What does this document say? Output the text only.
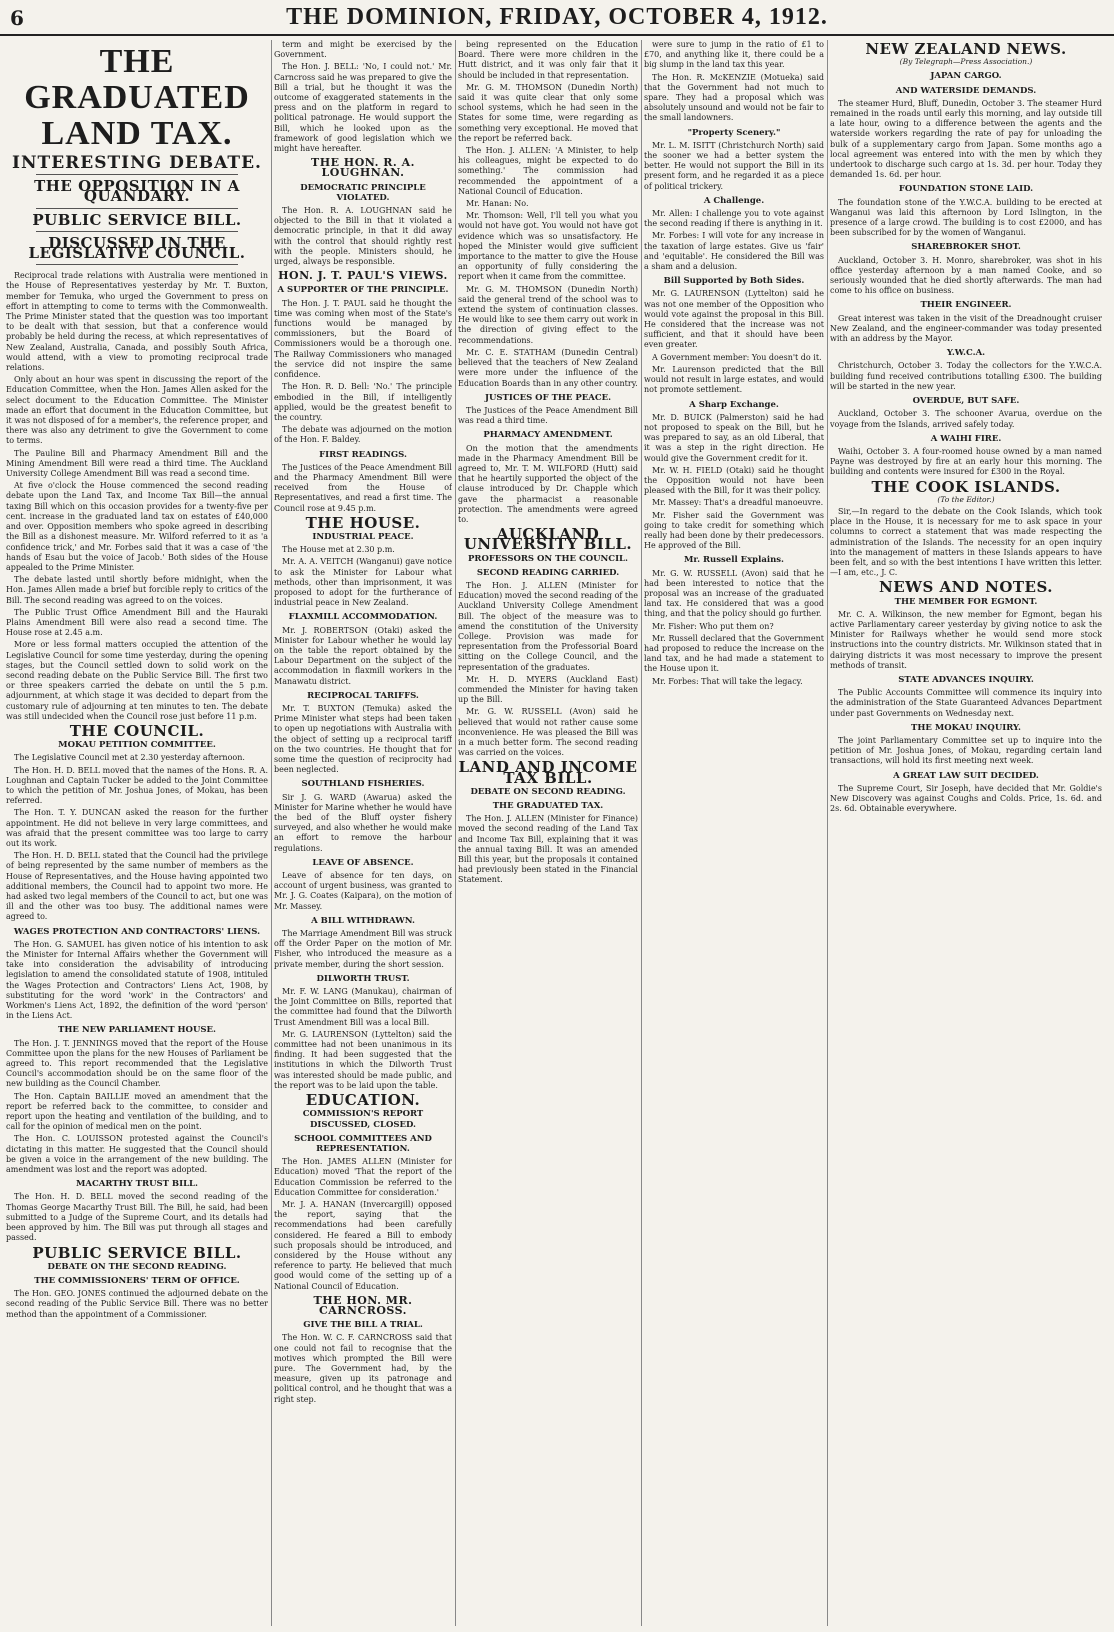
6	THE DOMINION, FRIDAY, OCTOBER 4, 1912.
THE GRADUATED LAND TAX.
INTERESTING DEBATE.
THE OPPOSITION IN A QUANDARY.
PUBLIC SERVICE BILL.
DISCUSSED IN THE LEGISLATIVE COUNCIL.

Reciprocal trade relations with Australia were mentioned in the House of Representatives yesterday by Mr. T. Buxton, member for Temuka, who urged the Government to press on effort in attempting to come to terms with the Commonwealth. The Prime Minister stated that the question was too important to be dealt with that session, but that a conference would probably be held during the recess, at which representatives of New Zealand, Australia, Canada, and possibly South Africa, would attend, with a view to promoting reciprocal trade relations.

Only about an hour was spent in discussing the report of the Education Committee, when the Hon. James Allen asked for the select document to the Education Committee. The Minister made an effort that document in the Education Committee, but it was not disposed of for a member's, the reference proper, and there was also any detriment to give the Government to come to terms.

The Pauline Bill and Pharmacy Amendment Bill and the Mining Amendment Bill were read a third time. The Auckland University College Amendment Bill was read a second time.

At five o'clock the House commenced the second reading debate upon the Land Tax, and Income Tax Bill—the annual taxing Bill which on this occasion provides for a twenty-five per cent. increase in the graduated land tax on estates of £40,000 and over. Opposition members who spoke agreed in describing the Bill as a dishonest measure. Mr. Wilford referred to it as 'a confidence trick,' and Mr. Forbes said that it was a case of 'the hands of Esau but the voice of Jacob.' Both sides of the House appealed to the Prime Minister.

The debate lasted until shortly before midnight, when the Hon. James Allen made a brief but forcible reply to critics of the Bill. The second reading was agreed to on the voices.

The Public Trust Office Amendment Bill and the Hauraki Plains Amendment Bill were also read a second time. The House rose at 2.45 a.m.

More or less formal matters occupied the attention of the Legislative Council for some time yesterday, during the opening stages, but the Council settled down to solid work on the second reading debate on the Public Service Bill. The first two or three speakers carried the debate on until the 5 p.m. adjournment, at which stage it was decided to depart from the customary rule of adjourning at ten minutes to ten. The debate was still undecided when the Council rose just before 11 p.m.

THE COUNCIL.
MOKAU PETITION COMMITTEE.

The Legislative Council met at 2.30 yesterday afternoon.

The Hon. H. D. BELL moved that the names of the Hons. R. A. Loughnan and Captain Tucker be added to the Joint Committee to which the petition of Mr. Joshua Jones, of Mokau, has been referred.

The Hon. T. Y. DUNCAN asked the reason for the further appointment. He did not believe in very large committees, and was afraid that the present committee was too large to carry out its work.

The Hon. H. D. BELL stated that the Council had the privilege of being represented by the same number of members as the House of Representatives, and the House having appointed two additional members, the Council had to appoint two more. He had asked two legal members of the Council to act, but one was ill and the other was too busy. The additional names were agreed to.

WAGES PROTECTION AND CONTRACTORS' LIENS.

The Hon. G. SAMUEL has given notice of his intention to ask the Minister for Internal Affairs whether the Government will take into consideration the advisability of introducing legislation to amend the consolidated statute of 1908, intituled the Wages Protection and Contractors' Liens Act, 1908, by substituting for the word 'work' in the Contractors' and Workmen's Liens Act, 1892, the definition of the word 'person' in the Liens Act.

THE NEW PARLIAMENT HOUSE.

The Hon. J. T. JENNINGS moved that the report of the House Committee upon the plans for the new Houses of Parliament be agreed to. This report recommended that the Legislative Council's accommodation should be on the same floor of the new building as the Council Chamber.

The Hon. Captain BAILLIE moved an amendment that the report be referred back to the committee, to consider and report upon the heating and ventilation of the building, and to call for the opinion of medical men on the point.

The Hon. C. LOUISSON protested against the Council's dictating in this matter. He suggested that the Council should be given a voice in the arrangement of the new building. The amendment was lost and the report was adopted.

MACARTHY TRUST BILL.

The Hon. H. D. BELL moved the second reading of the Thomas George Macarthy Trust Bill. The Bill, he said, had been submitted to a Judge of the Supreme Court, and its details had been approved by him. The Bill was put through all stages and passed.

PUBLIC SERVICE BILL.
DEBATE ON THE SECOND READING.
THE COMMISSIONERS' TERM OF OFFICE.

The Hon. GEO. JONES continued the adjourned debate on the second reading of the Public Service Bill. There was no better method than the appointment of a Commissioner.

term and might be exercised by the Government.

The Hon. J. BELL: 'No, I could not.' Mr. Carncross said he was prepared to give the Bill a trial, but he thought it was the outcome of exaggerated statements in the press and on the platform in regard to political patronage. He would support the Bill, which he looked upon as the framework of good legislation which we might have hereafter.

THE HON. R. A. LOUGHNAN.
DEMOCRATIC PRINCIPLE VIOLATED.

The Hon. R. A. LOUGHNAN said he objected to the Bill in that it violated a democratic principle, in that it did away with the control that should rightly rest with the people. Ministers should, he urged, always be responsible.

HON. J. T. PAUL'S VIEWS.
A SUPPORTER OF THE PRINCIPLE.

The Hon. J. T. PAUL said he thought the time was coming when most of the State's functions would be managed by commissioners, but the Board of Commissioners would be a thorough one. The Railway Commissioners who managed the service did not inspire the same confidence.

The Hon. R. D. Bell: 'No.' The principle embodied in the Bill, if intelligently applied, would be the greatest benefit to the country.

The debate was adjourned on the motion of the Hon. F. Baldey.

FIRST READINGS.

The Justices of the Peace Amendment Bill and the Pharmacy Amendment Bill were received from the House of Representatives, and read a first time. The Council rose at 9.45 p.m.

THE HOUSE.
INDUSTRIAL PEACE.

The House met at 2.30 p.m.

Mr. A. A. VEITCH (Wanganui) gave notice to ask the Minister for Labour what methods, other than imprisonment, it was proposed to adopt for the furtherance of industrial peace in New Zealand.

FLAXMILL ACCOMMODATION.

Mr. J. ROBERTSON (Otaki) asked the Minister for Labour whether he would lay on the table the report obtained by the Labour Department on the subject of the accommodation in flaxmill workers in the Manawatu district.

RECIPROCAL TARIFFS.

Mr. T. BUXTON (Temuka) asked the Prime Minister what steps had been taken to open up negotiations with Australia with the object of setting up a reciprocal tariff on the two countries. He thought that for some time the question of reciprocity had been neglected.

SOUTHLAND FISHERIES.

Sir J. G. WARD (Awarua) asked the Minister for Marine whether he would have the bed of the Bluff oyster fishery surveyed, and also whether he would make an effort to remove the harbour regulations.

LEAVE OF ABSENCE.

Leave of absence for ten days, on account of urgent business, was granted to Mr. J. G. Coates (Kaipara), on the motion of Mr. Massey.

A BILL WITHDRAWN.

The Marriage Amendment Bill was struck off the Order Paper on the motion of Mr. Fisher, who introduced the measure as a private member, during the short session.

DILWORTH TRUST.

Mr. F. W. LANG (Manukau), chairman of the Joint Committee on Bills, reported that the committee had found that the Dilworth Trust Amendment Bill was a local Bill.

Mr. G. LAURENSON (Lyttelton) said the committee had not been unanimous in its finding. It had been suggested that the institutions in which the Dilworth Trust was interested should be made public, and the report was to be laid upon the table.

EDUCATION.
COMMISSION'S REPORT DISCUSSED, CLOSED.
SCHOOL COMMITTEES AND REPRESENTATION.

The Hon. JAMES ALLEN (Minister for Education) moved 'That the report of the Education Commission be referred to the Education Committee for consideration.'

Mr. J. A. HANAN (Invercargill) opposed the report, saying that the recommendations had been carefully considered. He feared a Bill to embody such proposals should be introduced, and considered by the House without any reference to party. He believed that much good would come of the setting up of a National Council of Education.

THE HON. MR. CARNCROSS.
GIVE THE BILL A TRIAL.

The Hon. W. C. F. CARNCROSS said that one could not fail to recognise that the motives which prompted the Bill were pure. The Government had, by the measure, given up its patronage and political control, and he thought that was a right step.

being represented on the Education Board. There were more children in the Hutt district, and it was only fair that it should be included in that representation.

Mr. G. M. THOMSON (Dunedin North) said it was quite clear that only some school systems, which he had seen in the States for some time, were regarding as something very exceptional. He moved that the report be referred back.

The Hon. J. ALLEN: 'A Minister, to help his colleagues, might be expected to do something.' The commission had recommended the appointment of a National Council of Education.

Mr. Hanan: No.

Mr. Thomson: Well, I'll tell you what you would not have got. You would not have got evidence which was so unsatisfactory. He hoped the Minister would give sufficient importance to the matter to give the House an opportunity of fully considering the report when it came from the committee.

Mr. G. M. THOMSON (Dunedin North) said the general trend of the school was to extend the system of continuation classes. He would like to see them carry out work in the direction of giving effect to the recommendations.

Mr. C. E. STATHAM (Dunedin Central) believed that the teachers of New Zealand were more under the influence of the Education Boards than in any other country.

JUSTICES OF THE PEACE.

The Justices of the Peace Amendment Bill was read a third time.

PHARMACY AMENDMENT.

On the motion that the amendments made in the Pharmacy Amendment Bill be agreed to, Mr. T. M. WILFORD (Hutt) said that he heartily supported the object of the clause introduced by Dr. Chapple which gave the pharmacist a reasonable protection. The amendments were agreed to.

AUCKLAND UNIVERSITY BILL.
PROFESSORS ON THE COUNCIL.
SECOND READING CARRIED.

The Hon. J. ALLEN (Minister for Education) moved the second reading of the Auckland University College Amendment Bill. The object of the measure was to amend the constitution of the University College. Provision was made for representation from the Professorial Board sitting on the College Council, and the representation of the graduates.

Mr. H. D. MYERS (Auckland East) commended the Minister for having taken up the Bill.

Mr. G. W. RUSSELL (Avon) said he believed that would not rather cause some inconvenience. He was pleased the Bill was in a much better form. The second reading was carried on the voices.

LAND AND INCOME TAX BILL.
DEBATE ON SECOND READING.
THE GRADUATED TAX.

The Hon. J. ALLEN (Minister for Finance) moved the second reading of the Land Tax and Income Tax Bill, explaining that it was the annual taxing Bill. It was an amended Bill this year, but the proposals it contained had previously been stated in the Financial Statement.

were sure to jump in the ratio of £1 to £70, and anything like it, there could be a big slump in the land tax this year.

The Hon. R. McKENZIE (Motueka) said that the Government had not much to spare. They had a proposal which was absolutely unsound and would not be fair to the small landowners.

"Property Scenery."

Mr. L. M. ISITT (Christchurch North) said the sooner we had a better system the better. He would not support the Bill in its present form, and he regarded it as a piece of political trickery.

A Challenge.

Mr. Allen: I challenge you to vote against the second reading if there is anything in it.

Mr. Forbes: I will vote for any increase in the taxation of large estates. Give us 'fair' and 'equitable'. He considered the Bill was a sham and a delusion.

Bill Supported by Both Sides.

Mr. G. LAURENSON (Lyttelton) said he was not one member of the Opposition who would vote against the proposal in this Bill. He considered that the increase was not sufficient, and that it should have been even greater.

A Government member: You doesn't do it.

Mr. Laurenson predicted that the Bill would not result in large estates, and would not promote settlement.

A Sharp Exchange.

Mr. D. BUICK (Palmerston) said he had not proposed to speak on the Bill, but he was prepared to say, as an old Liberal, that it was a step in the right direction. He would give the Government credit for it.

Mr. W. H. FIELD (Otaki) said he thought the Opposition would not have been pleased with the Bill, for it was their policy.

Mr. Massey: That's a dreadful manoeuvre.

Mr. Fisher said the Government was going to take credit for something which really had been done by their predecessors. He approved of the Bill.

Mr. Russell Explains.

Mr. G. W. RUSSELL (Avon) said that he had been interested to notice that the proposal was an increase of the graduated land tax. He considered that was a good thing, and that the policy should go further.

Mr. Fisher: Who put them on?

Mr. Russell declared that the Government had proposed to reduce the increase on the land tax, and he had made a statement to the House upon it.

Mr. Forbes: That will take the legacy.

NEW ZEALAND NEWS.
(By Telegraph—Press Association.)
JAPAN CARGO.
AND WATERSIDE DEMANDS.

The steamer Hurd, Bluff, Dunedin, October 3. The steamer Hurd remained in the roads until early this morning, and lay outside till a late hour, owing to a difference between the agents and the waterside workers regarding the rate of pay for unloading the bulk of a supplementary cargo from Japan. Some months ago a local agreement was entered into with the men by which they undertook to discharge such cargo at 1s. 3d. per hour. Today they demanded 1s. 6d. per hour.

FOUNDATION STONE LAID.

The foundation stone of the Y.W.C.A. building to be erected at Wanganui was laid this afternoon by Lord Islington, in the presence of a large crowd. The building is to cost £2000, and has been subscribed for by the women of Wanganui.

SHAREBROKER SHOT.

Auckland, October 3. H. Monro, sharebroker, was shot in his office yesterday afternoon by a man named Cooke, and so seriously wounded that he died shortly afterwards. The man had come to his office on business.

THEIR ENGINEER.

Great interest was taken in the visit of the Dreadnought cruiser New Zealand, and the engineer-commander was today presented with an address by the Mayor.

Y.W.C.A.

Christchurch, October 3. Today the collectors for the Y.W.C.A. building fund received contributions totalling £300. The building will be started in the new year.

OVERDUE, BUT SAFE.

Auckland, October 3. The schooner Avarua, overdue on the voyage from the Islands, arrived safely today.

A WAIHI FIRE.

Waihi, October 3. A four-roomed house owned by a man named Payne was destroyed by fire at an early hour this morning. The building and contents were insured for £300 in the Royal.

THE COOK ISLANDS.
(To the Editor.)

Sir,—In regard to the debate on the Cook Islands, which took place in the House, it is necessary for me to ask space in your columns to correct a statement that was made respecting the administration of the Islands. The necessity for an open inquiry into the management of matters in these Islands appears to have been felt, and so with the best intentions I have written this letter.—I am, etc., J. C.

NEWS AND NOTES.
THE MEMBER FOR EGMONT.

Mr. C. A. Wilkinson, the new member for Egmont, began his active Parliamentary career yesterday by giving notice to ask the Minister for Railways whether he would send more stock instructions into the country districts. Mr. Wilkinson stated that in dairying districts it was most necessary to improve the present methods of transit.

STATE ADVANCES INQUIRY.

The Public Accounts Committee will commence its inquiry into the administration of the State Guaranteed Advances Department under past Governments on Wednesday next.

THE MOKAU INQUIRY.

The joint Parliamentary Committee set up to inquire into the petition of Mr. Joshua Jones, of Mokau, regarding certain land transactions, will hold its first meeting next week.

A GREAT LAW SUIT DECIDED.

The Supreme Court, Sir Joseph, have decided that Mr. Goldie's New Discovery was against Coughs and Colds. Price, 1s. 6d. and 2s. 6d. Obtainable everywhere.
